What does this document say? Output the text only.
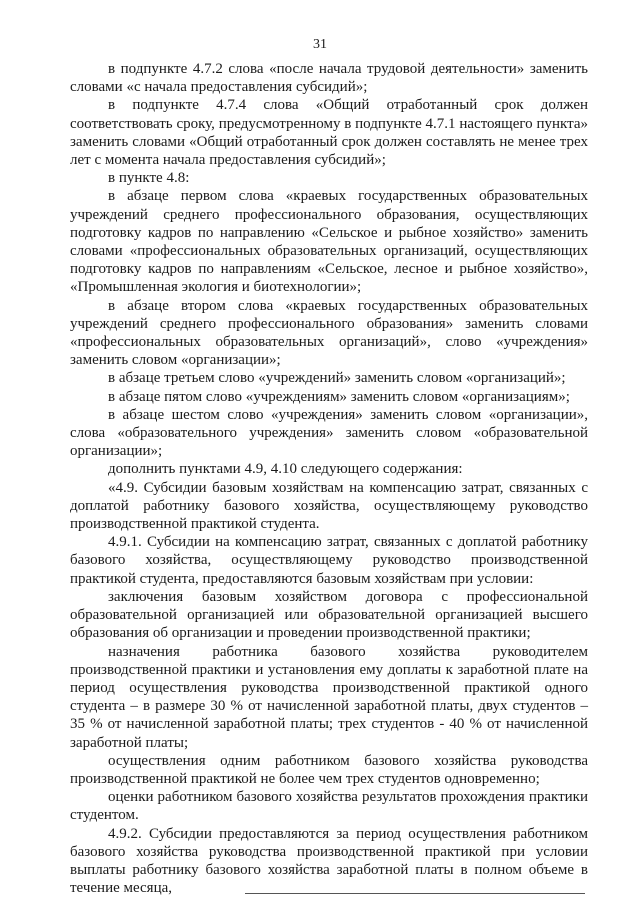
31

в подпункте 4.7.2 слова «после начала трудовой деятельности» заменить словами «с начала предоставления субсидий»;

в подпункте 4.7.4 слова «Общий отработанный срок должен соответствовать сроку, предусмотренному в подпункте 4.7.1 настоящего пункта» заменить словами «Общий отработанный срок должен составлять не менее трех лет с момента начала предоставления субсидий»;

в пункте 4.8:

в абзаце первом слова «краевых государственных образовательных учреждений среднего профессионального образования, осуществляющих подготовку кадров по направлению «Сельское и рыбное хозяйство» заменить словами «профессиональных образовательных организаций, осуществляющих подготовку кадров по направлениям «Сельское, лесное и рыбное хозяйство», «Промышленная экология и биотехнологии»;

в абзаце втором слова «краевых государственных образовательных учреждений среднего профессионального образования» заменить словами «профессиональных образовательных организаций», слово «учреждения» заменить словом «организации»;

в абзаце третьем слово «учреждений» заменить словом «организаций»;

в абзаце пятом слово «учреждениям» заменить словом «организациям»;

в абзаце шестом слово «учреждения» заменить словом «организации», слова «образовательного учреждения» заменить словом «образовательной организации»;

дополнить пунктами 4.9, 4.10 следующего содержания:

«4.9. Субсидии базовым хозяйствам на компенсацию затрат, связанных с доплатой работнику базового хозяйства, осуществляющему руководство производственной практикой студента.

4.9.1. Субсидии на компенсацию затрат, связанных с доплатой работнику базового хозяйства, осуществляющему руководство производственной практикой студента, предоставляются базовым хозяйствам при условии:

заключения базовым хозяйством договора с профессиональной образовательной организацией или образовательной организацией высшего образования об организации и проведении производственной практики;

назначения работника базового хозяйства руководителем производственной практики и установления ему доплаты к заработной плате на период осуществления руководства производственной практикой одного студента – в размере 30 % от начисленной заработной платы, двух студентов – 35 % от начисленной заработной платы; трех студентов - 40 % от начисленной заработной платы;

осуществления одним работником базового хозяйства руководства производственной практикой не более чем трех студентов одновременно;

оценки работником базового хозяйства результатов прохождения практики студентом.

4.9.2. Субсидии предоставляются за период осуществления работником базового хозяйства руководства производственной практикой при условии выплаты работнику базового хозяйства заработной платы в полном объеме в течение месяца,
